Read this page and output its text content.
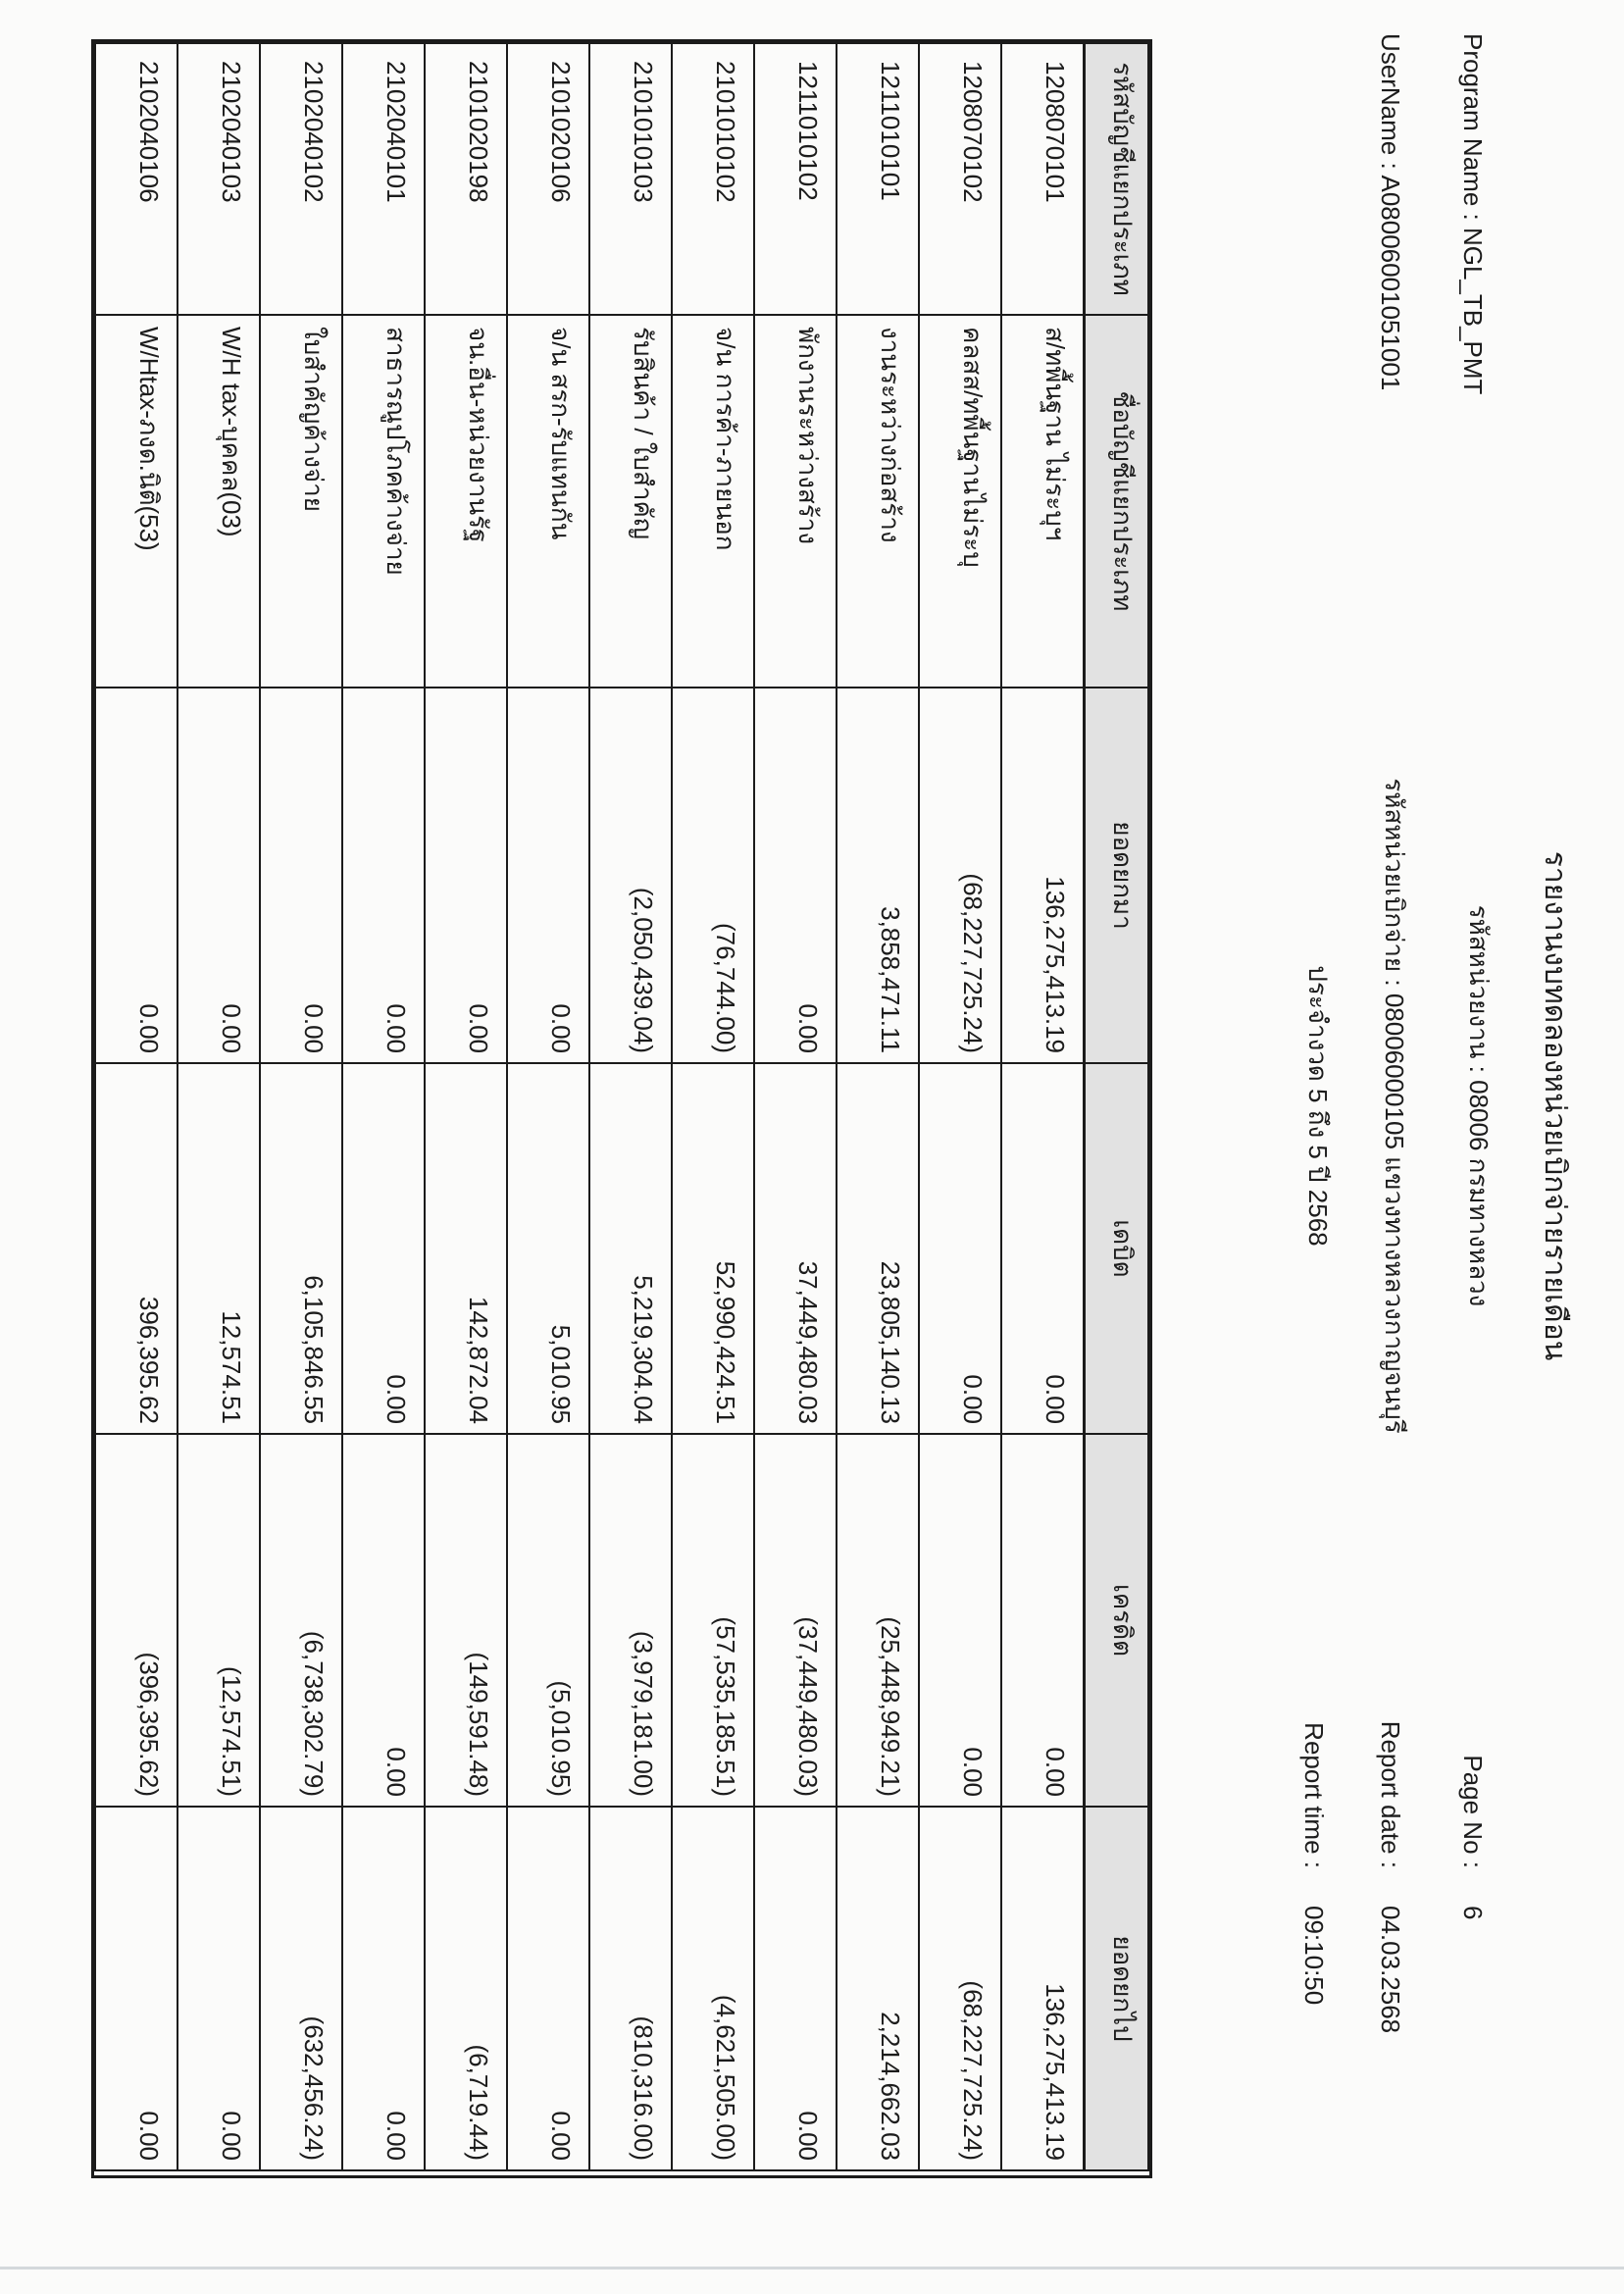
รายงานงบทดลองหน่วยเบิกจ่ายรายเดือน
Program Name : NGL_TB_PMT
รหัสหน่วยงาน : 08006 กรมทางหลวง
Page No :
6
UserName : A08006001051001
รหัสหน่วยเบิกจ่าย : 08006000105 แขวงทางหลวงกาญจนบุรี
Report date :
04.03.2568
ประจำงวด 5 ถึง 5 ปี 2568
Report time :
09:10:50
รหัสบัญชีแยกประเภท	ชื่อบัญชีแยกประเภท	ยอดยกมา	เดบิต	เครดิต	ยอดยกไป
1208070101	ส/ทพื้นฐาน ไม่ระบุฯ	136,275,413.19	0.00	0.00	136,275,413.19
1208070102	คลสส/ทพื้นฐานไม่ระบุ	(68,227,725.24)	0.00	0.00	(68,227,725.24)
1211010101	งานระหว่างก่อสร้าง	3,858,471.11	23,805,140.13	(25,448,949.21)	2,214,662.03
1211010102	พักงานระหว่างสร้าง	0.00	37,449,480.03	(37,449,480.03)	0.00
2101010102	จ/น การค้า-ภายนอก	(76,744.00)	52,990,424.51	(57,535,185.51)	(4,621,505.00)
2101010103	รับสินค้า / ใบสำคัญ	(2,050,439.04)	5,219,304.04	(3,979,181.00)	(810,316.00)
2101020106	จ/น สรก-รับแทนกัน	0.00	5,010.95	(5,010.95)	0.00
2101020198	จน.อื่น-หน่วยงานรัฐ	0.00	142,872.04	(149,591.48)	(6,719.44)
2102040101	สาธารณูปโภคค้างจ่าย	0.00	0.00	0.00	0.00
2102040102	ใบสำคัญค้างจ่าย	0.00	6,105,846.55	(6,738,302.79)	(632,456.24)
2102040103	W/H tax-บุคคล(03)	0.00	12,574.51	(12,574.51)	0.00
2102040106	W/Htax-ภงด.นิติ(53)	0.00	396,395.62	(396,395.62)	0.00
